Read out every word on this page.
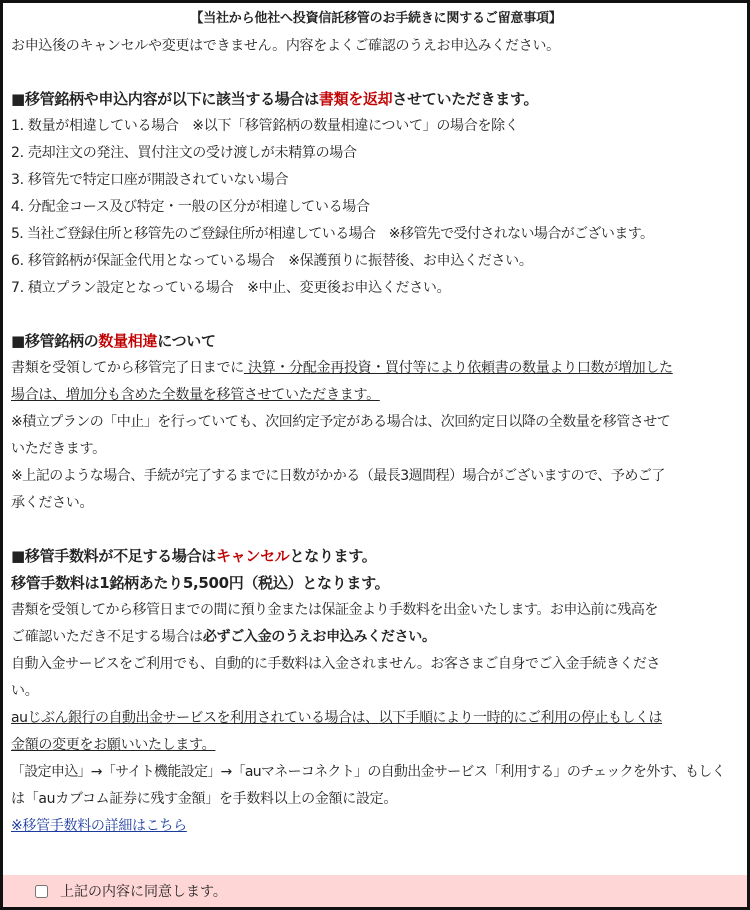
【当社から他社へ投資信託移管のお手続きに関するご留意事項】
お申込後のキャンセルや変更はできません。内容をよくご確認のうえお申込みください。
■移管銘柄や申込内容が以下に該当する場合は書類を返却させていただきます。
1. 数量が相違している場合　※以下「移管銘柄の数量相違について」の場合を除く
2. 売却注文の発注、買付注文の受け渡しが未精算の場合
3. 移管先で特定口座が開設されていない場合
4. 分配金コース及び特定・一般の区分が相違している場合
5. 当社ご登録住所と移管先のご登録住所が相違している場合　※移管先で受付されない場合がございます。
6. 移管銘柄が保証金代用となっている場合　※保護預りに振替後、お申込ください。
7. 積立プラン設定となっている場合　※中止、変更後お申込ください。
■移管銘柄の数量相違について
書類を受領してから移管完了日までに 決算・分配金再投資・買付等により依頼書の数量より口数が増加した
場合は、増加分も含めた全数量を移管させていただきます。
※積立プランの「中止」を行っていても、次回約定予定がある場合は、次回約定日以降の全数量を移管させて
いただきます。
※上記のような場合、手続が完了するまでに日数がかかる（最長3週間程）場合がございますので、予めご了
承ください。
■移管手数料が不足する場合はキャンセルとなります。
移管手数料は1銘柄あたり5,500円（税込）となります。
書類を受領してから移管日までの間に預り金または保証金より手数料を出金いたします。お申込前に残高を
ご確認いただき不足する場合は必ずご入金のうえお申込みください。
自動入金サービスをご利用でも、自動的に手数料は入金されません。お客さまご自身でご入金手続きくださ
い。
auじぶん銀行の自動出金サービスを利用されている場合は、以下手順により一時的にご利用の停止もしくは
金額の変更をお願いいたします。
「設定申込」→「サイト機能設定」→「auマネーコネクト」の自動出金サービス「利用する」のチェックを外す、もしく
は「auカブコム証券に残す金額」を手数料以上の金額に設定。
※移管手数料の詳細はこちら
上記の内容に同意します。
